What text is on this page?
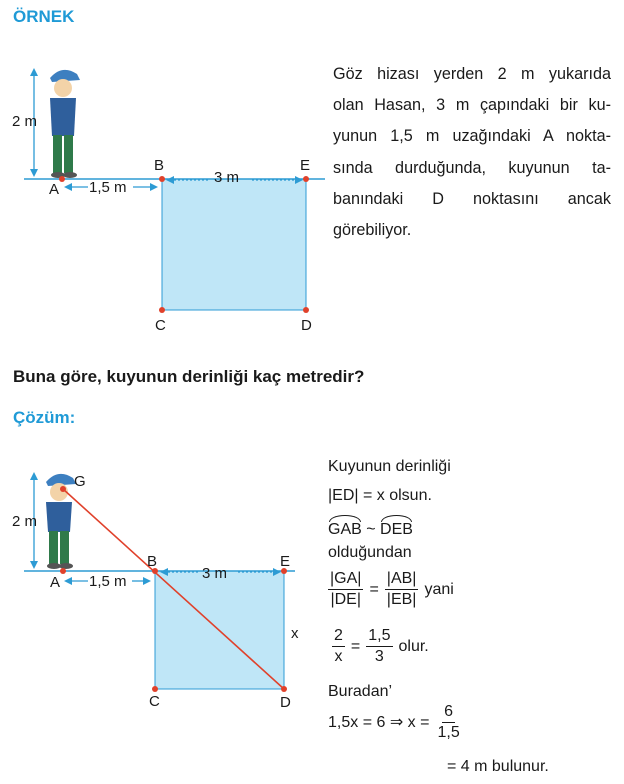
ÖRNEK
Göz hizası yerden 2 m yukarıda
olan Hasan, 3 m çapındaki bir ku-
yunun 1,5 m uzağındaki A nokta-
sında durduğunda, kuyunun ta-
banındaki D noktasını ancak
görebiliyor.
Buna göre, kuyunun derinliği kaç metredir?
Çözüm:
2 m
A 1,5 m
B
3 m
E
C	D
G
2 m
A 1,5 m
B
3 m
E
x
C	D
Kuyunun derinliği
|ED| = x olsun.
GAB ~ DEB
olduğundan
$\frac{|GA|}{|DE|} = \frac{|AB|}{|EB|}$ yani
$\frac{2}{x} = \frac{1,5}{3}$ olur.
Buradan’
1,5x = 6 ⇒ $x = \frac{6}{1,5}$
= 4 m bulunur.
